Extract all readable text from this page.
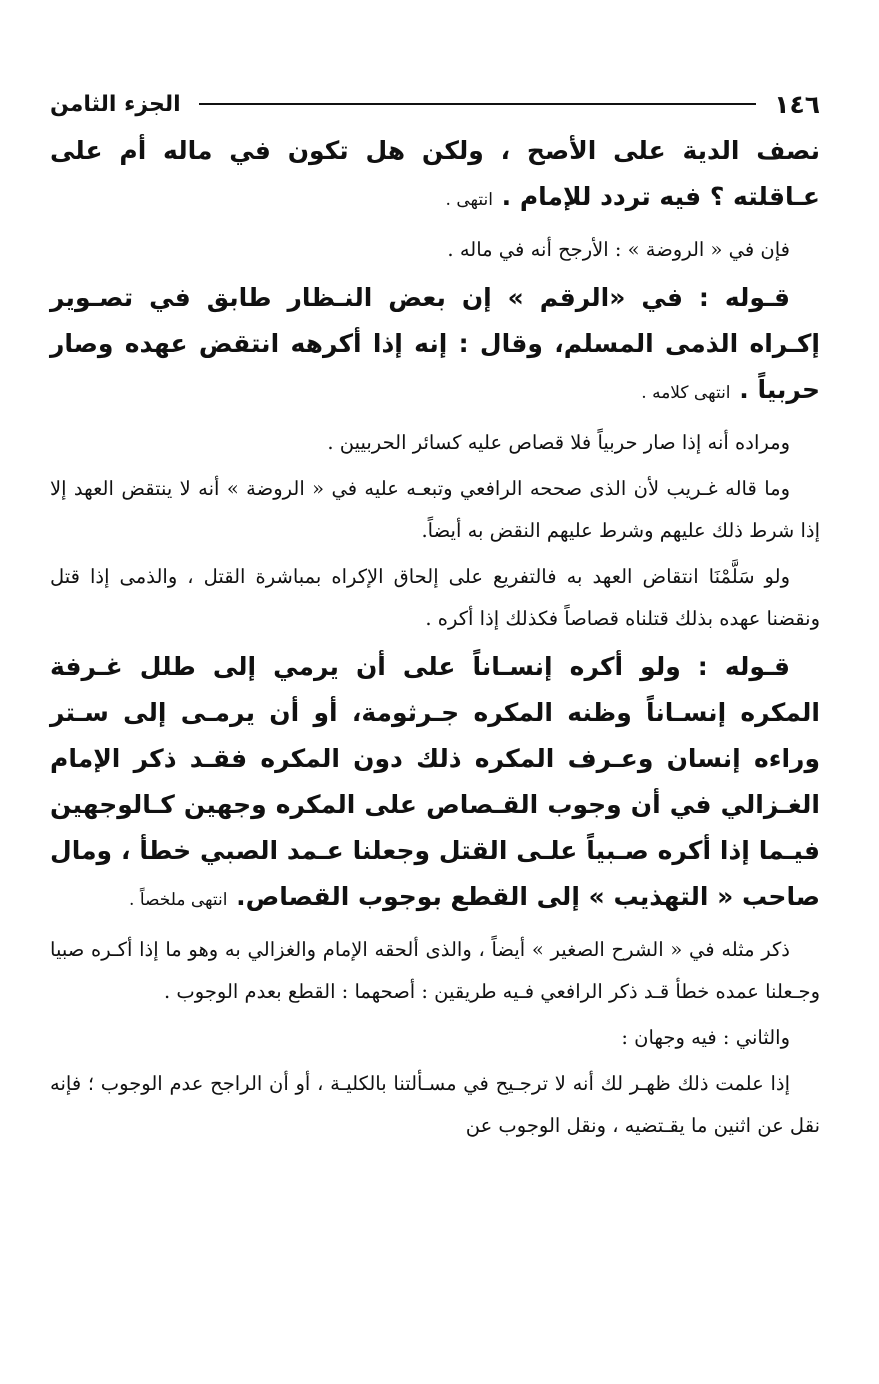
١٤٦
الجزء الثامن

نصف الدية على الأصح ، ولكن هل تكون في ماله أم على عـاقلته ؟ فيه تردد للإمام . انتهى .

فإن في « الروضة » : الأرجح أنه في ماله .

قـوله : في «الرقم » إن بعض النـظار طابق في تصـوير إكـراه الذمى المسلم، وقال : إنه إذا أكرهه انتقض عهده وصار حربياً . انتهى كلامه .

ومراده أنه إذا صار حربياً فلا قصاص عليه كسائر الحربيين .

وما قاله غـريب لأن الذى صححه الرافعي وتبعـه عليه في « الروضة » أنه لا ينتقض العهد إلا إذا شرط ذلك عليهم وشرط عليهم النقض به أيضاً.

ولو سَلَّمْنَا انتقاض العهد به فالتفريع على إلحاق الإكراه بمباشرة القتل ، والذمى إذا قتل ونقضنا عهده بذلك قتلناه قصاصاً فكذلك إذا أكره .

قـوله : ولو أكره إنسـاناً على أن يرمي إلى طلل غـرفة المكره إنسـاناً وظنه المكره جـرثومة، أو أن يرمـى إلى سـتر وراءه إنسان وعـرف المكره ذلك دون المكره فقـد ذكر الإمام الغـزالي في أن وجوب القـصاص على المكره وجهين كـالوجهين فيـما إذا أكره صـبياً علـى القتل وجعلنا عـمد الصبي خطأ ، ومال صاحب « التهذيب » إلى القطع بوجوب القصاص. انتهى ملخصاً .

ذكر مثله في « الشرح الصغير » أيضاً ، والذى ألحقه الإمام والغزالي به وهو ما إذا أكـره صبيا وجـعلنا عمده خطأ قـد ذكر الرافعي فـيه طريقين : أصحهما : القطع بعدم الوجوب .

والثاني : فيه وجهان :

إذا علمت ذلك ظهـر لك أنه لا ترجـيح في مسـألتنا بالكليـة ، أو أن الراجح عدم الوجوب ؛ فإنه نقل عن اثنين ما يقـتضيه ، ونقل الوجوب عن
